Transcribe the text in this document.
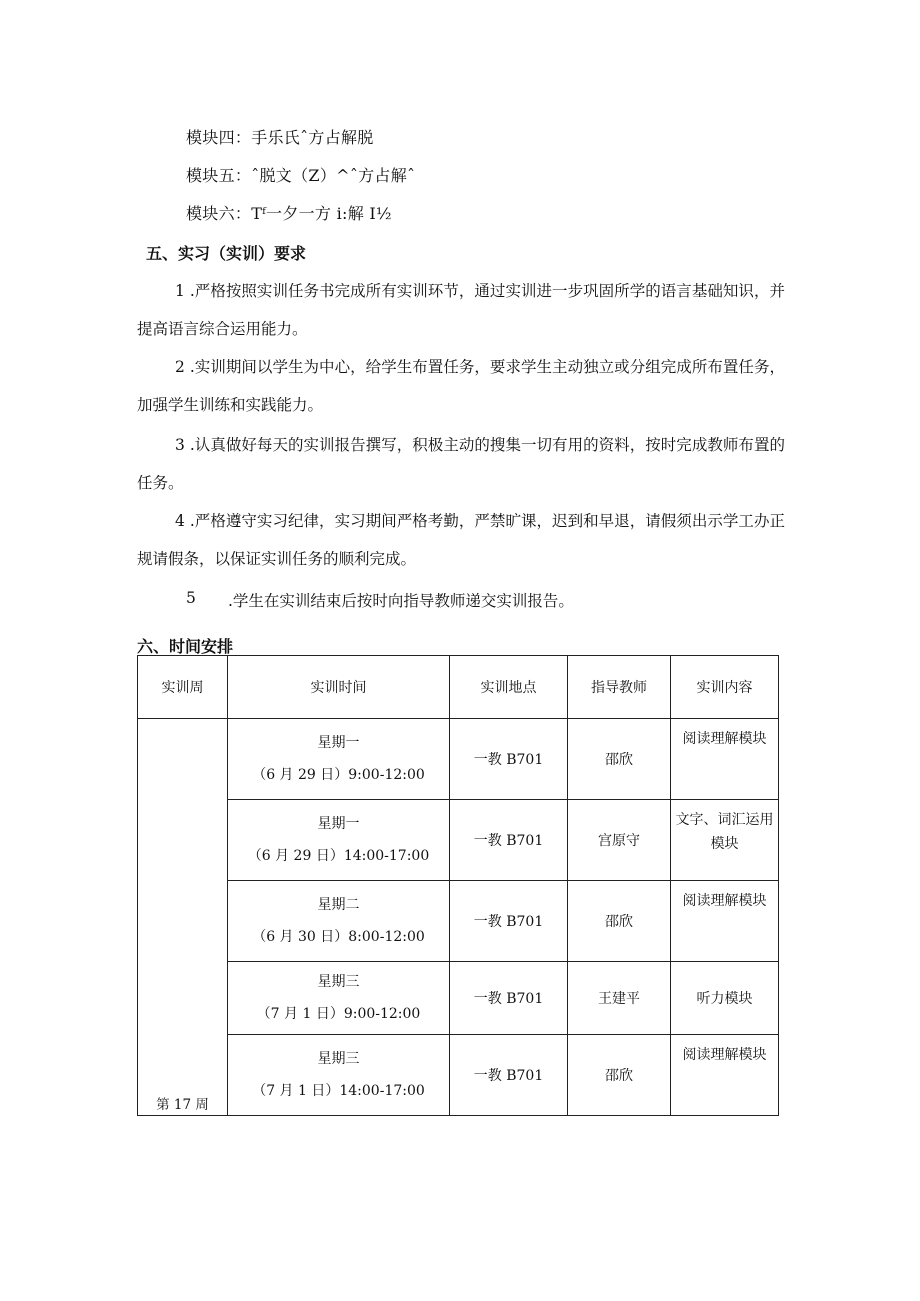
模块四：手乐氏ˆ方占解脱
模块五：ˆ脱文（Z）^ˆ方占解ˆ
模块六：Tᶠ一夕一方 i:解 I½
五、实习（实训）要求
1 .严格按照实训任务书完成所有实训环节，通过实训进一步巩固所学的语言基础知识，并提高语言综合运用能力。
2 .实训期间以学生为中心，给学生布置任务，要求学生主动独立或分组完成所布置任务，加强学生训练和实践能力。
3 .认真做好每天的实训报告撰写，积极主动的搜集一切有用的资料，按时完成教师布置的任务。
4 .严格遵守实习纪律，实习期间严格考勤，严禁旷课，迟到和早退，请假须出示学工办正规请假条，以保证实训任务的顺利完成。
5 .学生在实训结束后按时向指导教师递交实训报告。
六、时间安排
实训周	实训时间	实训地点	指导教师	实训内容
第 17 周	星期一
（6 月 29 日）9:00-12:00	一教 B701	邵欣	阅读理解模块

	星期一
（6 月 29 日）14:00-17:00	一教 B701	宫原守	文字、词汇运用模块

	星期二
（6 月 30 日）8:00-12:00	一教 B701	邵欣	阅读理解模块

	星期三
（7 月 1 日）9:00-12:00	一教 B701	王建平	听力模块

	星期三
（7 月 1 日）14:00-17:00	一教 B701	邵欣	阅读理解模块
